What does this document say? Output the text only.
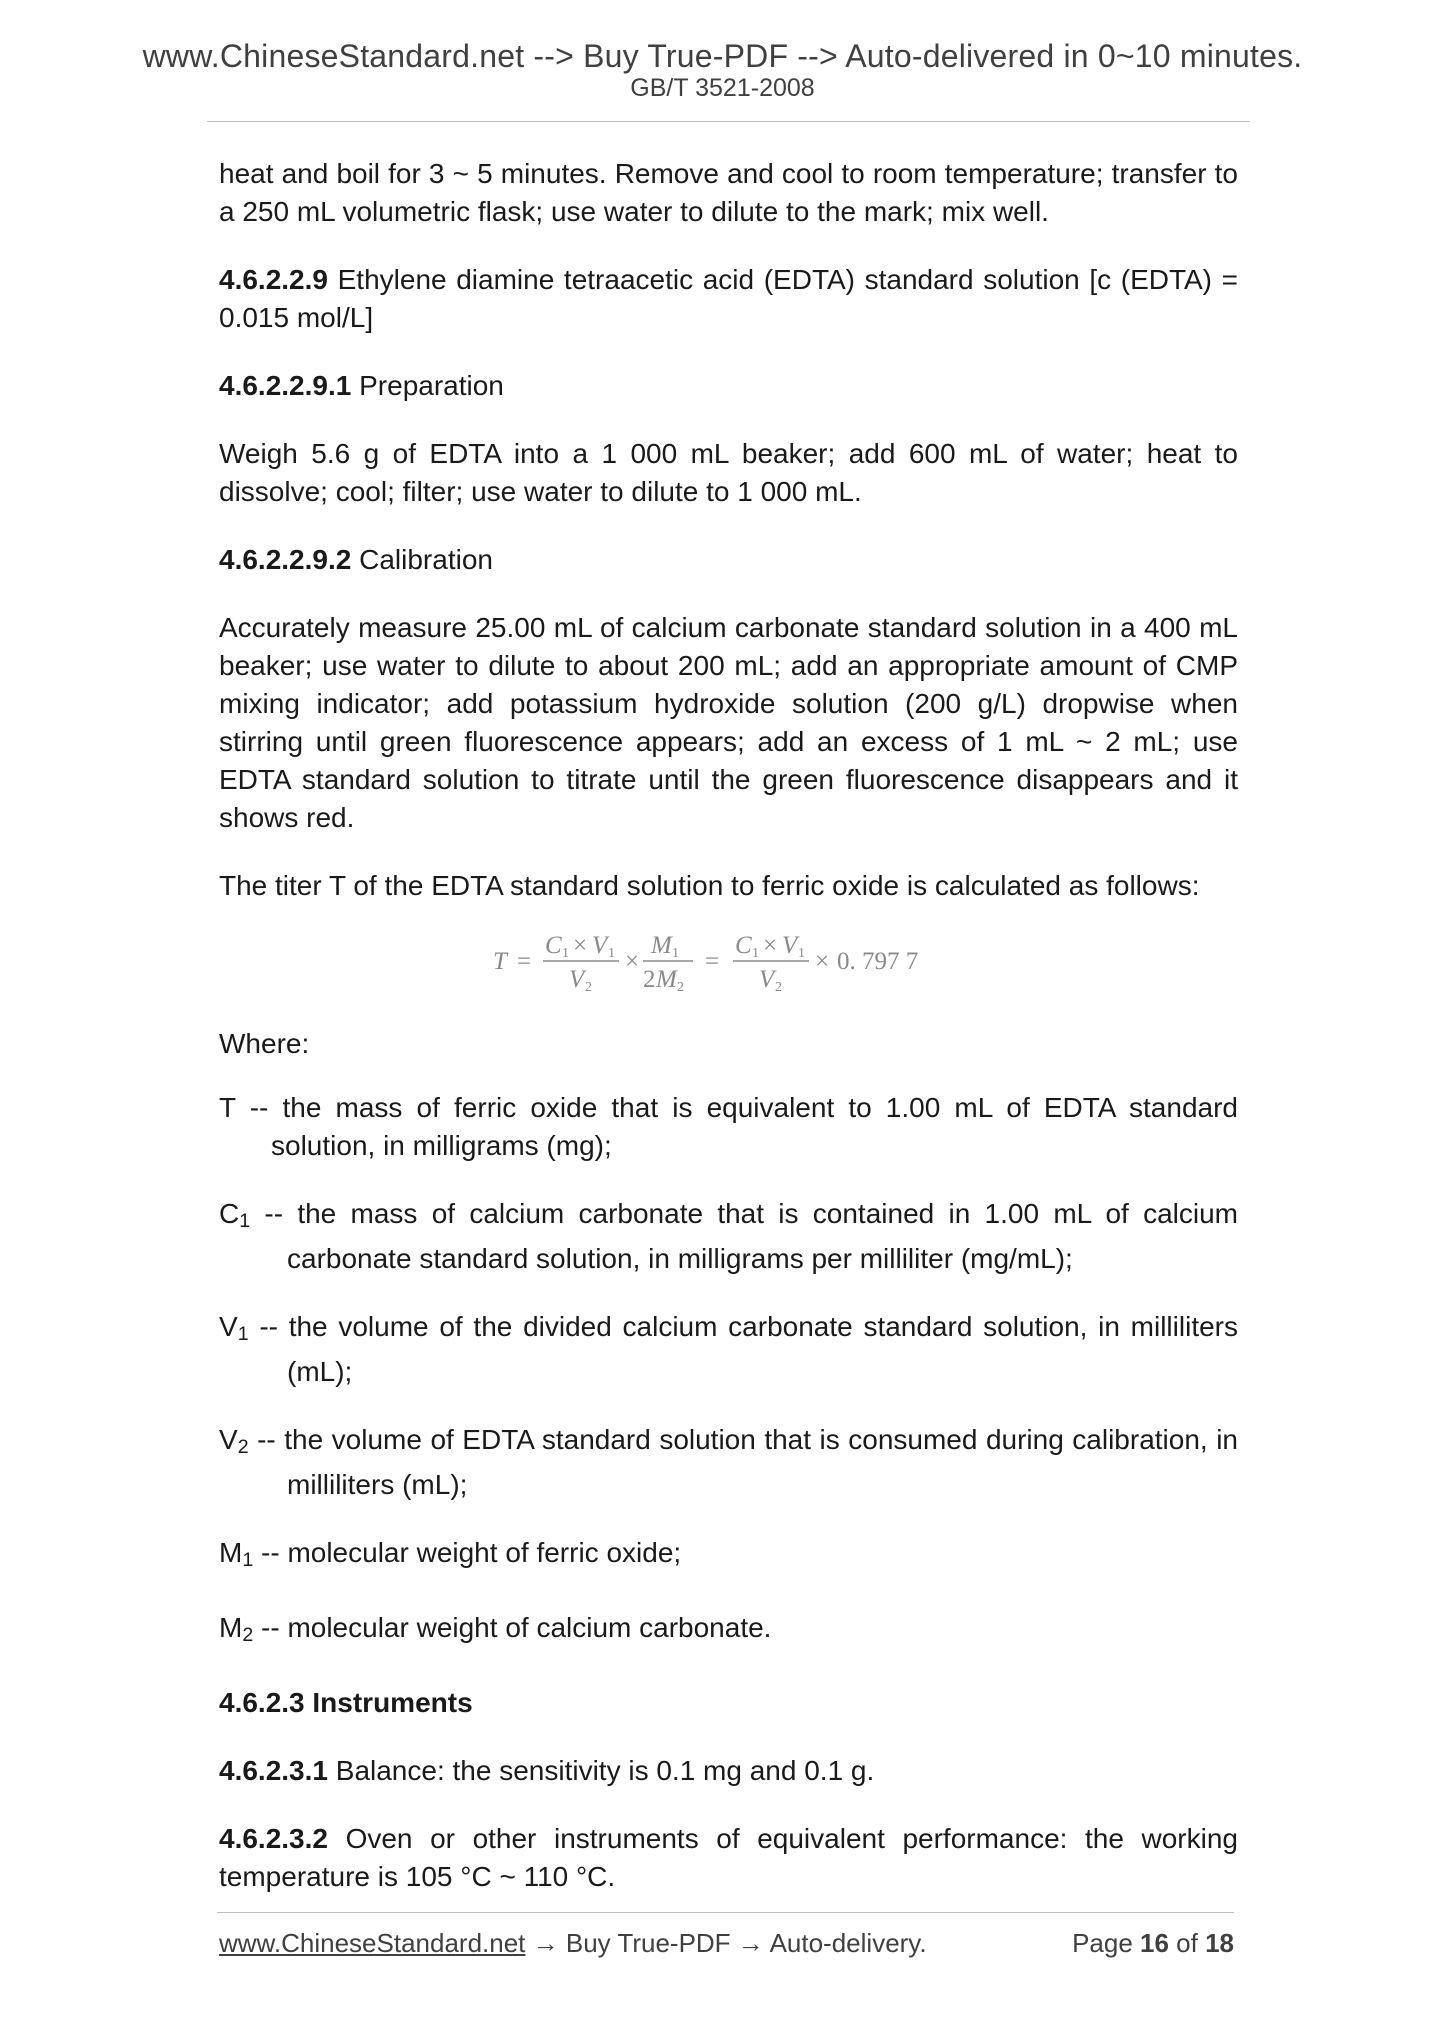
www.ChineseStandard.net --> Buy True-PDF --> Auto-delivered in 0~10 minutes.
GB/T 3521-2008

heat and boil for 3 ~ 5 minutes. Remove and cool to room temperature; transfer to a 250 mL volumetric flask; use water to dilute to the mark; mix well.

4.6.2.2.9 Ethylene diamine tetraacetic acid (EDTA) standard solution [c (EDTA) = 0.015 mol/L]

4.6.2.2.9.1 Preparation

Weigh 5.6 g of EDTA into a 1 000 mL beaker; add 600 mL of water; heat to dissolve; cool; filter; use water to dilute to 1 000 mL.

4.6.2.2.9.2 Calibration

Accurately measure 25.00 mL of calcium carbonate standard solution in a 400 mL beaker; use water to dilute to about 200 mL; add an appropriate amount of CMP mixing indicator; add potassium hydroxide solution (200 g/L) dropwise when stirring until green fluorescence appears; add an excess of 1 mL ~ 2 mL; use EDTA standard solution to titrate until the green fluorescence disappears and it shows red.

The titer T of the EDTA standard solution to ferric oxide is calculated as follows:

T =
C 1 × V 1
V 2
×
M 1
2 M 2
=
C 1 × V 1
V 2
× 0. 797 7

Where:

T -- the mass of ferric oxide that is equivalent to 1.00 mL of EDTA standard solution, in milligrams (mg);

$C_1$ -- the mass of calcium carbonate that is contained in 1.00 mL of calcium carbonate standard solution, in milligrams per milliliter (mg/mL);

$V_1$ -- the volume of the divided calcium carbonate standard solution, in milliliters (mL);

$V_2$ -- the volume of EDTA standard solution that is consumed during calibration, in milliliters (mL);

$M_1$ -- molecular weight of ferric oxide;

$M_2$ -- molecular weight of calcium carbonate.

4.6.2.3 Instruments

4.6.2.3.1 Balance: the sensitivity is 0.1 mg and 0.1 g.

4.6.2.3.2 Oven or other instruments of equivalent performance: the working temperature is 105 °C ~ 110 °C.

www.ChineseStandard.net → Buy True-PDF → Auto-delivery.	Page 16 of 18
